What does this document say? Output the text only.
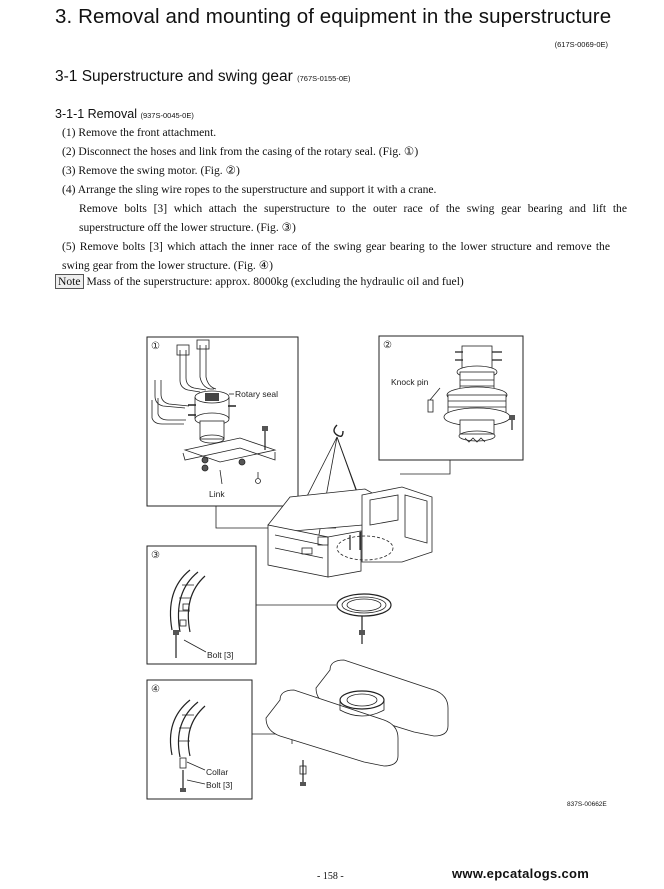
3. Removal and mounting of equipment in the superstructure
(617S-0069-0E)
3-1 Superstructure and swing gear (767S-0155-0E)
3-1-1 Removal (937S-0045-0E)
(1) Remove the front attachment.
(2) Disconnect the hoses and link from the casing of the rotary seal. (Fig. ①)
(3) Remove the swing motor. (Fig. ②)
(4) Arrange the sling wire ropes to the superstructure and support it with a crane.
Remove bolts [3] which attach the superstructure to the outer race of the swing gear bearing and lift the superstructure off the lower structure. (Fig. ③)
(5) Remove bolts [3] which attach the inner race of the swing gear bearing to the lower structure and remove the swing gear from the lower structure. (Fig. ④)
Note Mass of the superstructure: approx. 8000kg (excluding the hydraulic oil and fuel)
①
Rotary seal
Link
②
Knock pin
③
Bolt [3]
④
Collar
Bolt [3]
837S-00662E
- 158 -	www.epcatalogs.com
